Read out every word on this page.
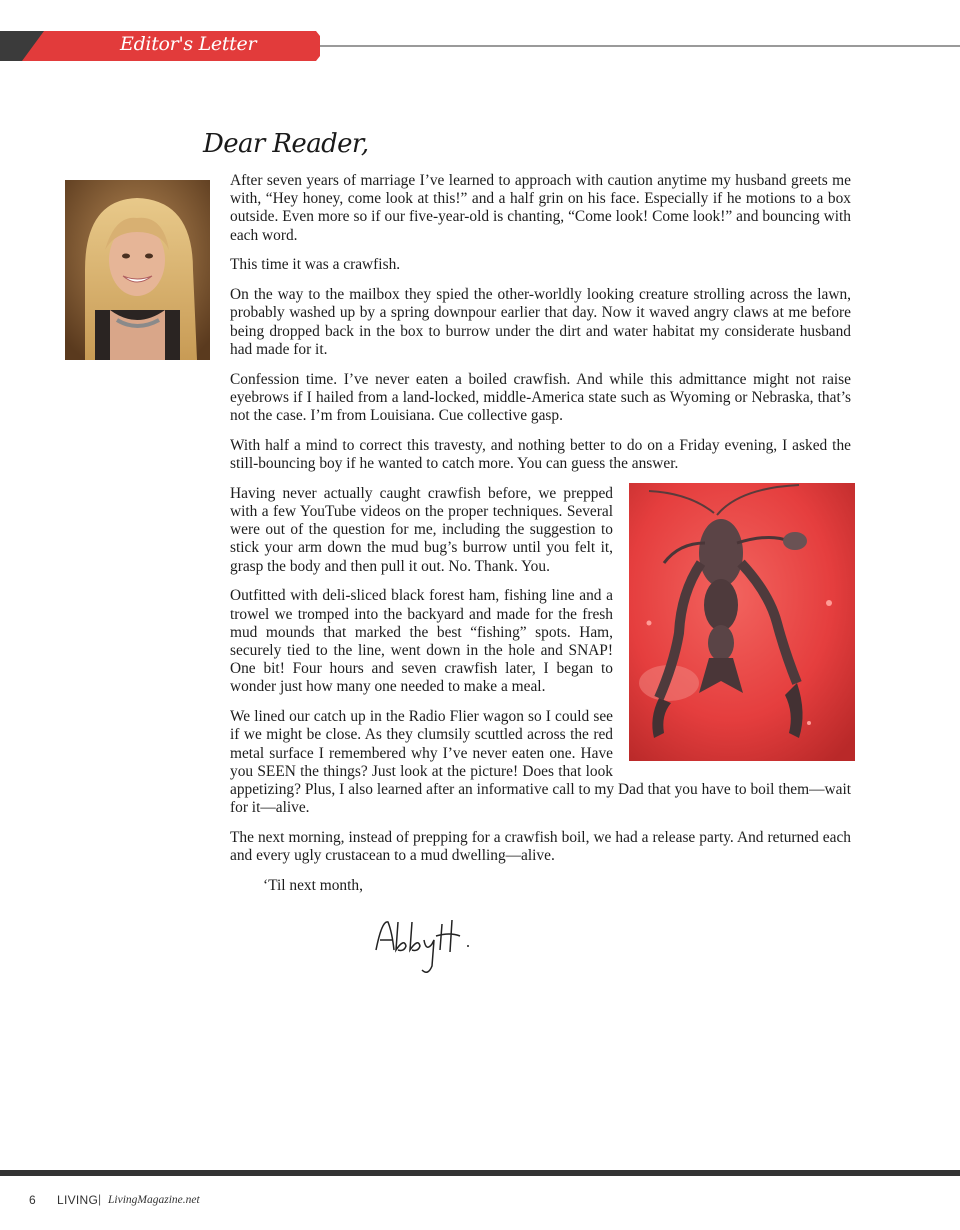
Editor's Letter
Dear Reader,

After seven years of marriage I’ve learned to approach with caution anytime my husband greets me with, “Hey honey, come look at this!” and a half grin on his face. Especially if he motions to a box outside. Even more so if our five-year-old is chanting, “Come look! Come look!” and bouncing with each word.

This time it was a crawfish.

On the way to the mailbox they spied the other-worldly looking creature strolling across the lawn, probably washed up by a spring downpour earlier that day. Now it waved angry claws at me before being dropped back in the box to burrow under the dirt and water habitat my considerate husband had made for it.

Confession time. I’ve never eaten a boiled crawfish. And while this admittance might not raise eyebrows if I hailed from a land-locked, middle-America state such as Wyoming or Nebraska, that’s not the case. I’m from Louisiana. Cue collective gasp.

With half a mind to correct this travesty, and nothing better to do on a Friday evening, I asked the still-bouncing boy if he wanted to catch more. You can guess the answer.

Having never actually caught crawfish before, we prepped with a few YouTube videos on the proper techniques. Several were out of the question for me, including the suggestion to stick your arm down the mud bug’s burrow until you felt it, grasp the body and then pull it out. No. Thank. You.

Outfitted with deli-sliced black forest ham, fishing line and a trowel we tromped into the backyard and made for the fresh mud mounds that marked the best “fishing” spots. Ham, securely tied to the line, went down in the hole and SNAP! One bit! Four hours and seven crawfish later, I began to wonder just how many one needed to make a meal.

We lined our catch up in the Radio Flier wagon so I could see if we might be close. As they clumsily scuttled across the red metal surface I remembered why I’ve never eaten one. Have you SEEN the things? Just look at the picture! Does that look appetizing? Plus, I also learned after an informative call to my Dad that you have to boil them—wait for it—alive.

The next morning, instead of prepping for a crawfish boil, we had a release party. And returned each and every ugly crustacean to a mud dwelling—alive.

‘Til next month,

6 LIVING | LivingMagazine.net
